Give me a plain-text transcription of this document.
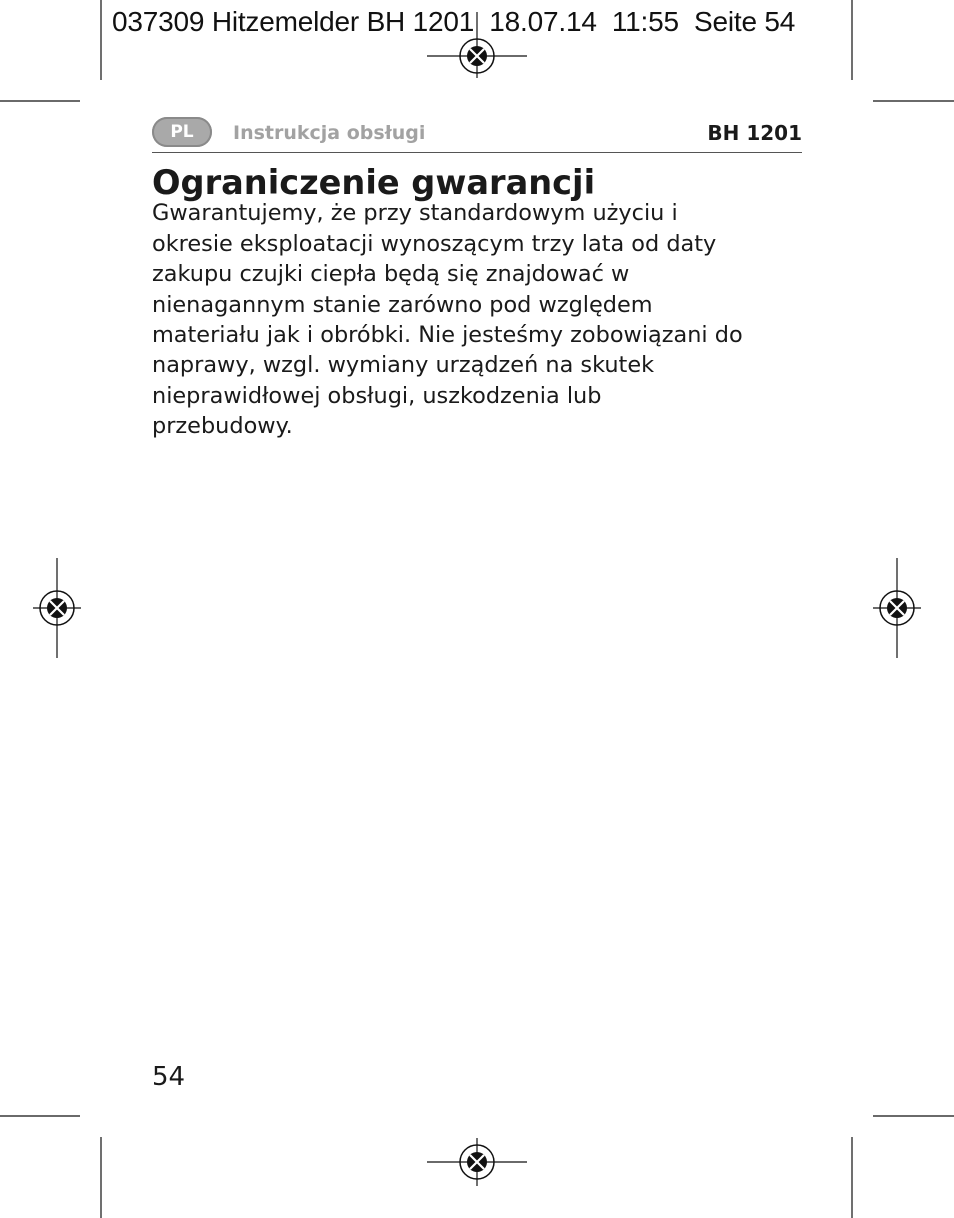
037309 Hitzemelder BH 1201  18.07.14  11:55  Seite 54
PL	Instrukcja obsługi	BH 1201
Ograniczenie gwarancji
Gwarantujemy, że przy standardowym użyciu i
okresie eksploatacji wynoszącym trzy lata od daty
zakupu czujki ciepła będą się znajdować w
nienagannym stanie zarówno pod względem
materiału jak i obróbki. Nie jesteśmy zobowiązani do
naprawy, wzgl. wymiany urządzeń na skutek
nieprawidłowej obsługi, uszkodzenia lub
przebudowy.
54
